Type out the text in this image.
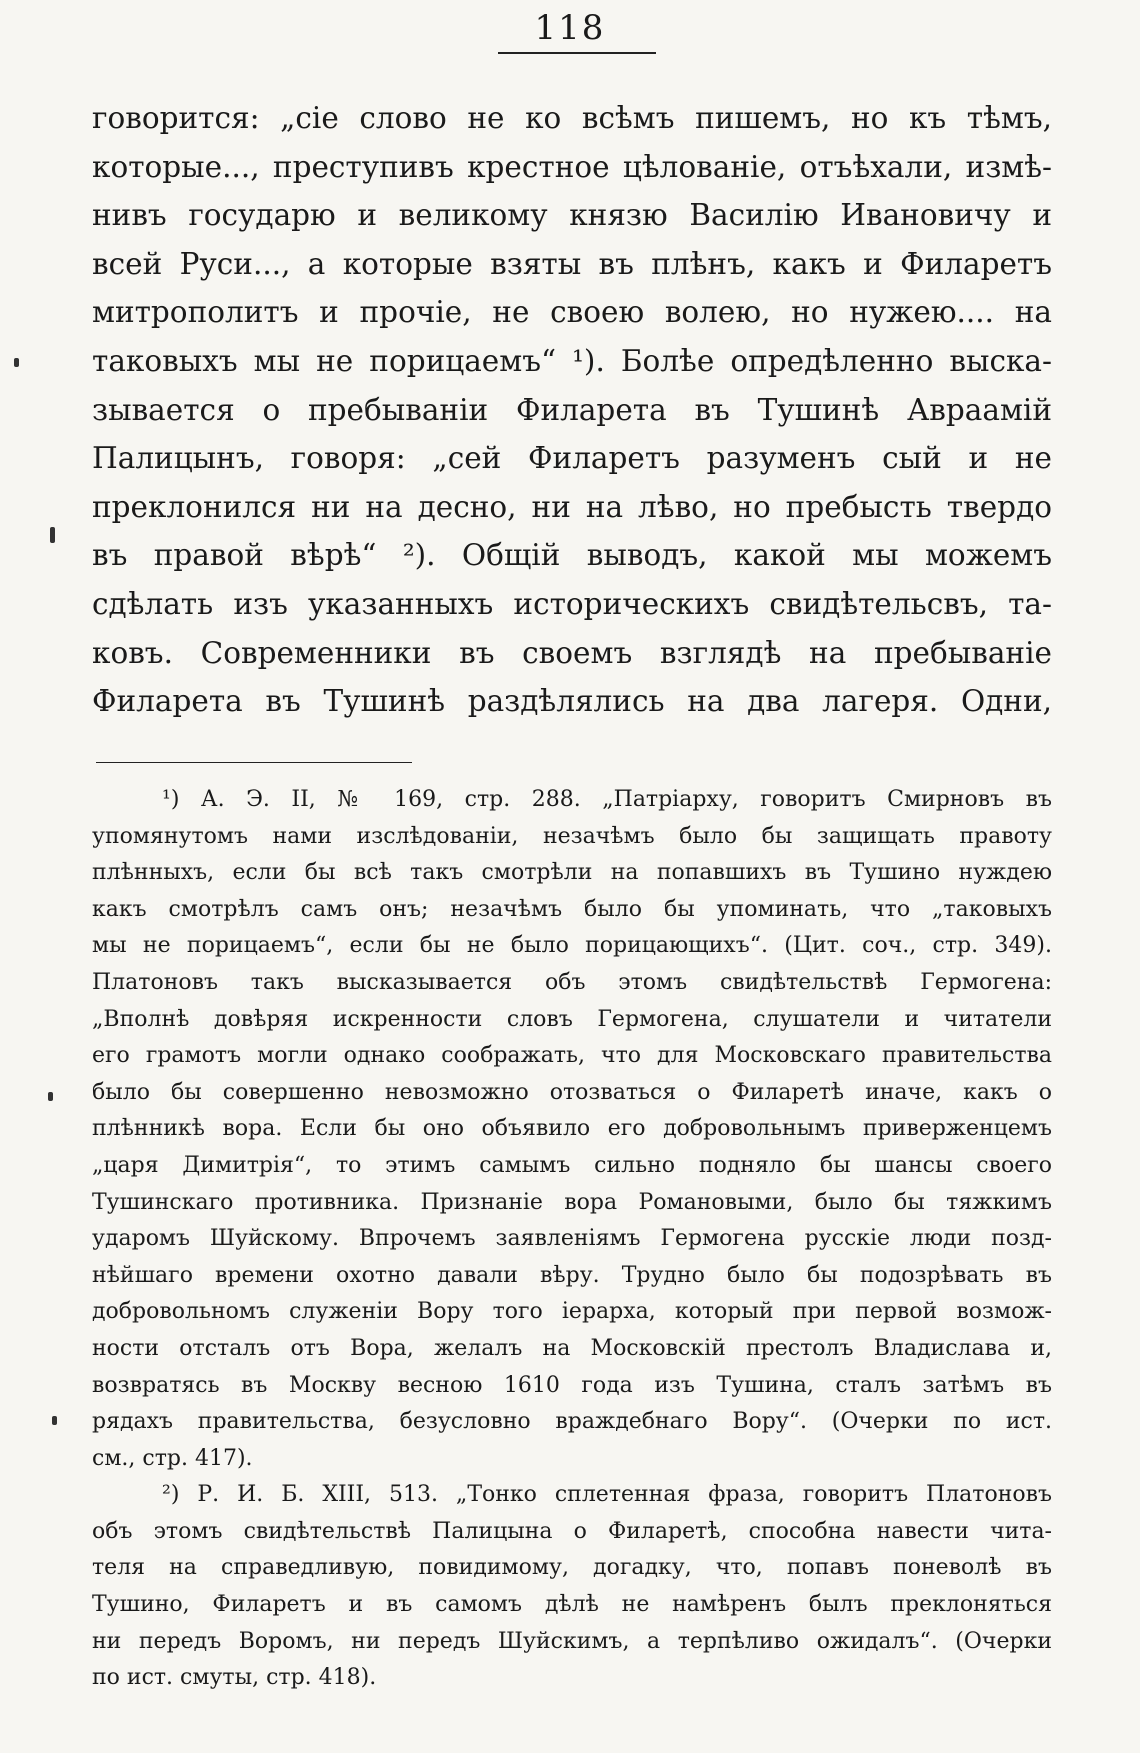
118
говорится: „сіе слово не ко всѣмъ пишемъ, но къ тѣмъ,
которые..., преступивъ крестное цѣлованіе, отъѣхали, измѣ-
нивъ государю и великому князю Василію Ивановичу и
всей Руси..., а которые взяты въ плѣнъ, какъ и Филаретъ
митрополитъ и прочіе, не своею волею, но нужею.... на
таковыхъ мы не порицаемъ“ ¹). Болѣе опредѣленно выска-
зывается о пребываніи Филарета въ Тушинѣ Авраамій
Палицынъ, говоря: „сей Филаретъ разуменъ сый и не
преклонился ни на десно, ни на лѣво, но пребысть твердо
въ правой вѣрѣ“ ²). Общій выводъ, какой мы можемъ
сдѣлать изъ указанныхъ историческихъ свидѣтельсвъ, та-
ковъ. Современники въ своемъ взглядѣ на пребываніе
Филарета въ Тушинѣ раздѣлялись на два лагеря. Одни,
¹) А. Э. II, № 169, стр. 288. „Патріарху, говоритъ Смирновъ въ
упомянутомъ нами изслѣдованіи, незачѣмъ было бы защищать правоту
плѣнныхъ, если бы всѣ такъ смотрѣли на попавшихъ въ Тушино нуждею
какъ смотрѣлъ самъ онъ; незачѣмъ было бы упоминать, что „таковыхъ
мы не порицаемъ“, если бы не было порицающихъ“. (Цит. соч., стр. 349).
Платоновъ такъ высказывается объ этомъ свидѣтельствѣ Гермогена:
„Вполнѣ довѣряя искренности словъ Гермогена, слушатели и читатели
его грамотъ могли однако соображать, что для Московскаго правительства
было бы совершенно невозможно отозваться о Филаретѣ иначе, какъ о
плѣнникѣ вора. Если бы оно объявило его добровольнымъ приверженцемъ
„царя Димитрія“, то этимъ самымъ сильно подняло бы шансы своего
Тушинскаго противника. Признаніе вора Романовыми, было бы тяжкимъ
ударомъ Шуйскому. Впрочемъ заявленіямъ Гермогена русскіе люди позд-
нѣйшаго времени охотно давали вѣру. Трудно было бы подозрѣвать въ
добровольномъ служеніи Вору того іерарха, который при первой возмож-
ности отсталъ отъ Вора, желалъ на Московскій престолъ Владислава и,
возвратясь въ Москву весною 1610 года изъ Тушина, сталъ затѣмъ въ
рядахъ правительства, безусловно враждебнаго Вору“. (Очерки по ист.
см., стр. 417).
²) Р. И. Б. XIII, 513. „Тонко сплетенная фраза, говоритъ Платоновъ
объ этомъ свидѣтельствѣ Палицына о Филаретѣ, способна навести чита-
теля на справедливую, повидимому, догадку, что, попавъ поневолѣ въ
Тушино, Филаретъ и въ самомъ дѣлѣ не намѣренъ былъ преклоняться
ни передъ Воромъ, ни передъ Шуйскимъ, а терпѣливо ожидалъ“. (Очерки
по ист. смуты, стр. 418).
